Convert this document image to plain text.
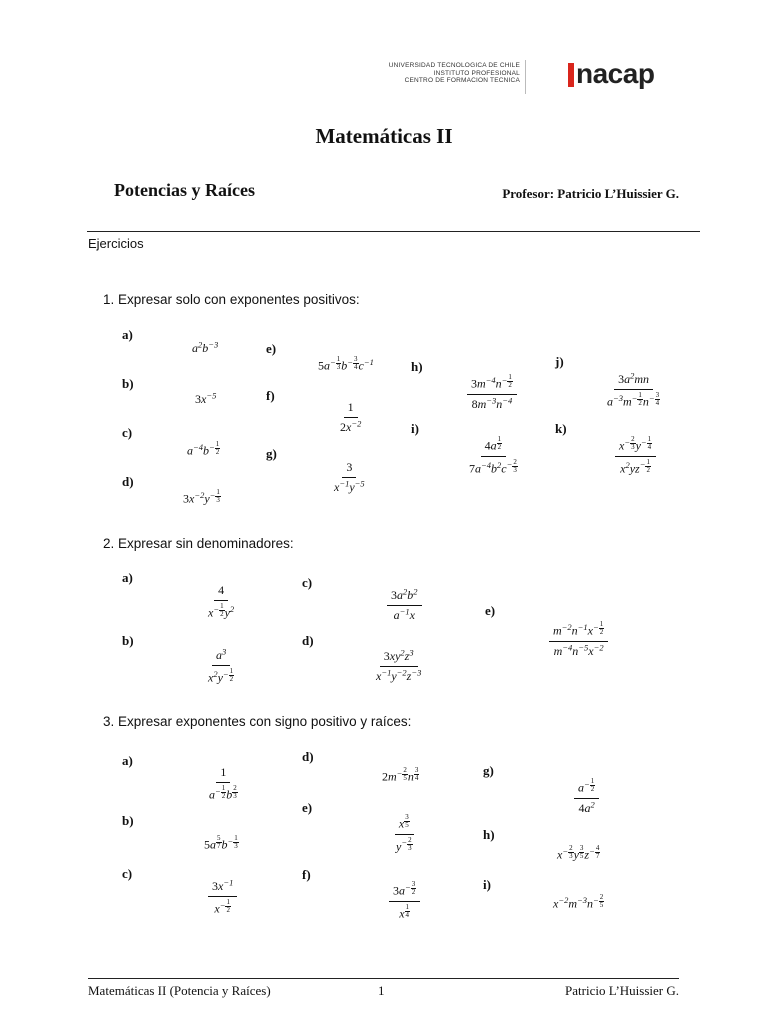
UNIVERSIDAD TECNOLOGICA DE CHILE
INSTITUTO PROFESIONAL
CENTRO DE FORMACION TECNICA nacap
Matemáticas II
Potencias y Raíces	Profesor: Patricio L’Huissier G.
Ejercicios
1. Expresar solo con exponentes positivos:
a)
$a^2b^{-3}$
b)
$3x^{-5}$
c)
$a^{-4}b^{- \frac{1}{2}}$
d)
$3x^{-2}y^{- \frac{1}{3}}$
e)
$5a^{- \frac{1}{3}}$ $b^{- \frac{3}{4}}$ $c^{-1}$
f)
$\frac{1}{2x^{-2}}$
g)
$\frac{3}{x^{-1}y^{-5}}$
h)
$3m^{-4}n^{- \frac{1}{2}}$
$8m^{-3}n^{-4}$
i)
4a $^{\frac{1}{2}}$
$7a^{-4}b^2c^{- \frac{2}{3}}$
j)
$3a^2mn$
$a^{-3}m^{- \frac{1}{2}}$ $n^{- \frac{3}{4}}$
k)
$x^{- \frac{2}{3}}$ $y^{- \frac{1}{4}}$
$x^2yz^{- \frac{1}{2}}$
2. Expresar sin denominadores:
a)
4
$x^{- \frac{1}{2}}$ $y^2$
b)
$a^3$
$x^2y^{- \frac{1}{2}}$
c)
$\frac{3a^2b^2}{a^{-1}x}$
d)
$\frac{3xy^2z^3}{x^{-1}y^{-2}z^{-3}}$
e)
$m^{-2}n^{-1}x^{- \frac{1}{2}}$
$m^{-4}n^{-5}x^{-2}$
3. Expresar exponentes con signo positivo y raíces:
a)
1
$a^{- \frac{1}{2}}$ b $^{\frac{2}{3}}$
b)
5a $^{\frac{5}{7}}$ $b^{- \frac{1}{3}}$
c)
$3x^{-1}$
$x^{- \frac{1}{2}}$
d)
$2m^{- \frac{2}{5}}$ n $^{\frac{3}{4}}$
e)
x $^{\frac{3}{5}}$
$y^{- \frac{2}{3}}$
f)
$3a^{- \frac{3}{2}}$
x $^{\frac{1}{4}}$
g)
$a^{- \frac{1}{2}}$
$4a^2$
h)
$x^{- \frac{2}{3}}$ y $^{\frac{3}{5}}$ $z^{- \frac{4}{7}}$
i)
$x^{-2}m^{-3}n^{- \frac{2}{5}}$
Matemáticas II (Potencia y Raíces)	1	Patricio L’Huissier G.
